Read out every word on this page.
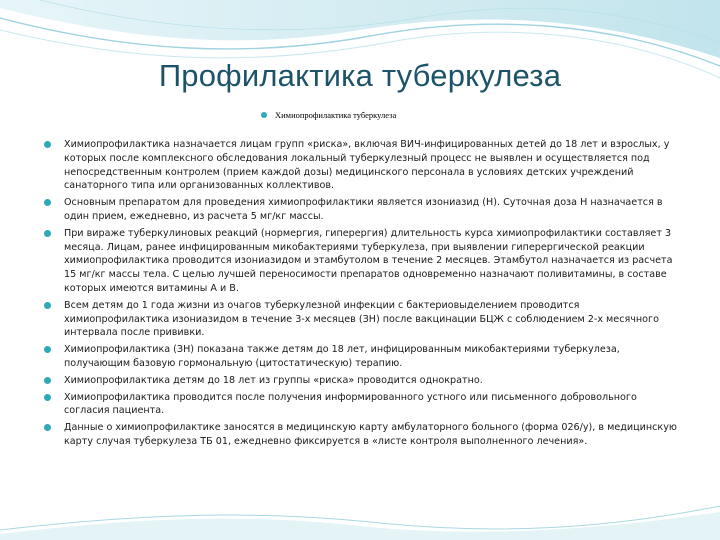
Профилактика туберкулеза
Химиопрофилактика туберкулеза
Химиопрофилактика назначается лицам групп «риска», включая ВИЧ-инфицированных детей до 18 лет и взрослых, у которых после комплексного обследования локальный туберкулезный процесс не выявлен и осуществляется под непосредственным контролем (прием каждой дозы) медицинского персонала в условиях детских учреждений санаторного типа или организованных коллективов.
Основным препаратом для проведения химиопрофилактики является изониазид (Н). Суточная доза Н назначается в один прием, ежедневно, из расчета 5 мг/кг массы.
При вираже туберкулиновых реакций (нормергия, гиперергия) длительность курса химиопрофилактики составляет 3 месяца. Лицам, ранее инфицированным микобактериями туберкулеза, при выявлении гиперергической реакции химиопрофилактика проводится изониазидом и этамбутолом в течение 2 месяцев. Этамбутол назначается из расчета 15 мг/кг массы тела. С целью лучшей переносимости препаратов одновременно назначают поливитамины, в составе которых имеются витамины А и В.
Всем детям до 1 года жизни из очагов туберкулезной инфекции с бактериовыделением проводится химиопрофилактика изониазидом в течение 3-х месяцев (ЗН) после вакцинации БЦЖ с соблюдением 2-х месячного интервала после прививки.
Химиопрофилактика (ЗН) показана также детям до 18 лет, инфицированным микобактериями туберкулеза, получающим базовую гормональную (цитостатическую) терапию.
Химиопрофилактика детям до 18 лет из группы «риска» проводится однократно.
Химиопрофилактика проводится после получения информированного устного или письменного добровольного согласия пациента.
Данные о химиопрофилактике заносятся в медицинскую карту амбулаторного больного (форма 026/у), в медицинскую карту случая туберкулеза ТБ 01, ежедневно фиксируется в «листе контроля выполненного лечения».
